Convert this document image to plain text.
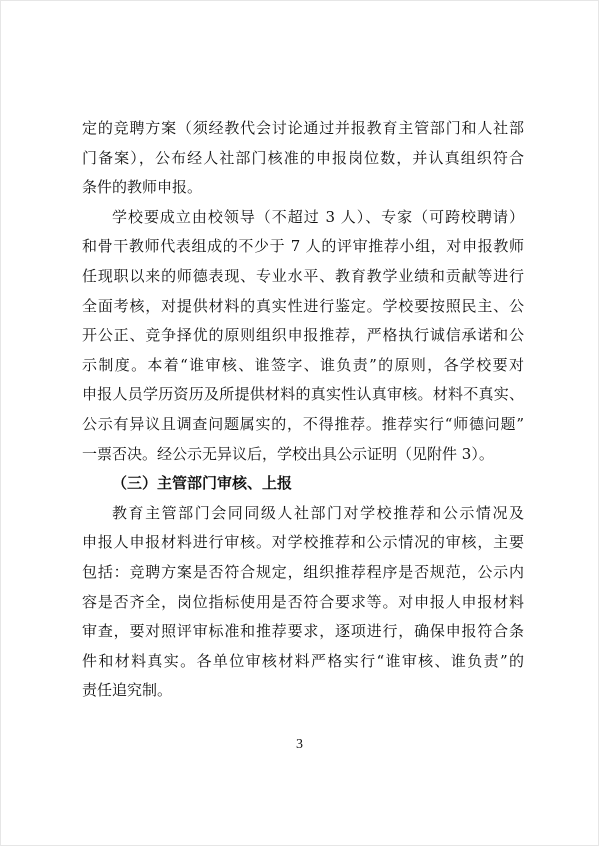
定的竞聘方案（须经教代会讨论通过并报教育主管部门和人社部
门备案），公布经人社部门核准的申报岗位数，并认真组织符合
条件的教师申报。
学校要成立由校领导（不超过 3 人）、专家（可跨校聘请）
和骨干教师代表组成的不少于 7 人的评审推荐小组，对申报教师
任现职以来的师德表现、专业水平、教育教学业绩和贡献等进行
全面考核，对提供材料的真实性进行鉴定。学校要按照民主、公
开公正、竞争择优的原则组织申报推荐，严格执行诚信承诺和公
示制度。本着“谁审核、谁签字、谁负责”的原则，各学校要对
申报人员学历资历及所提供材料的真实性认真审核。材料不真实、
公示有异议且调查问题属实的，不得推荐。推荐实行“师德问题”
一票否决。经公示无异议后，学校出具公示证明（见附件 3）。
（三）主管部门审核、上报
教育主管部门会同同级人社部门对学校推荐和公示情况及
申报人申报材料进行审核。对学校推荐和公示情况的审核，主要
包括：竞聘方案是否符合规定，组织推荐程序是否规范，公示内
容是否齐全，岗位指标使用是否符合要求等。对申报人申报材料
审查，要对照评审标准和推荐要求，逐项进行，确保申报符合条
件和材料真实。各单位审核材料严格实行“谁审核、谁负责”的
责任追究制。
3
